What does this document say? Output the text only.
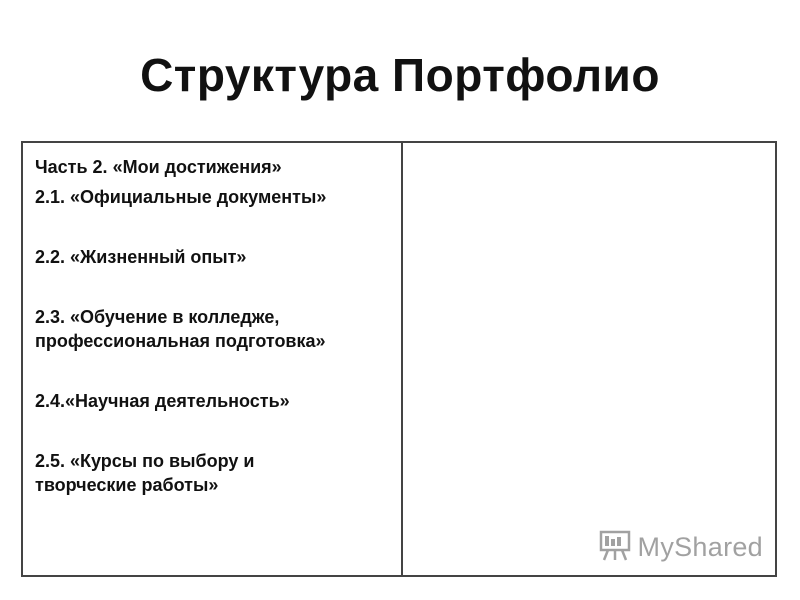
Структура Портфолио
Часть 2. «Мои достижения»
2.1. «Официальные документы»
2.2. «Жизненный опыт»
2.3. «Обучение в колледже,
профессиональная подготовка»
2.4.«Научная деятельность»
2.5. «Курсы по выбору и
творческие работы»
MyShared
